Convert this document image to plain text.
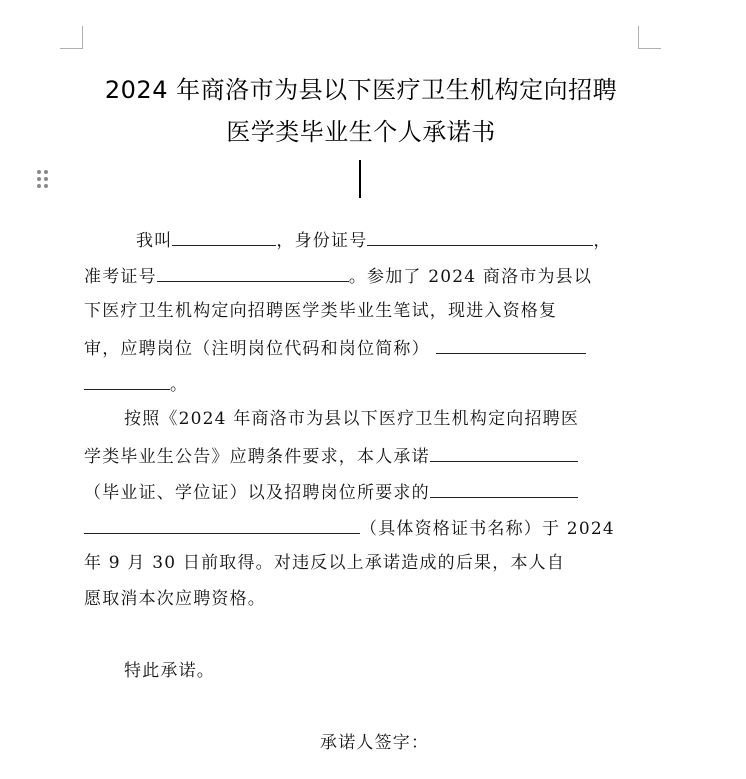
2024 年商洛市为县以下医疗卫生机构定向招聘
医学类毕业生个人承诺书
我叫	，身份证号	，
准考证号	。参加了 2024 商洛市为县以
下医疗卫生机构定向招聘医学类毕业生笔试，现进入资格复
审，应聘岗位（注明岗位代码和岗位简称）
。
按照《2024 年商洛市为县以下医疗卫生机构定向招聘医
学类毕业生公告》应聘条件要求，本人承诺
（毕业证、学位证）以及招聘岗位所要求的
（具体资格证书名称）于 2024
年 9 月 30 日前取得。对违反以上承诺造成的后果，本人自
愿取消本次应聘资格。
特此承诺。
承诺人签字：
